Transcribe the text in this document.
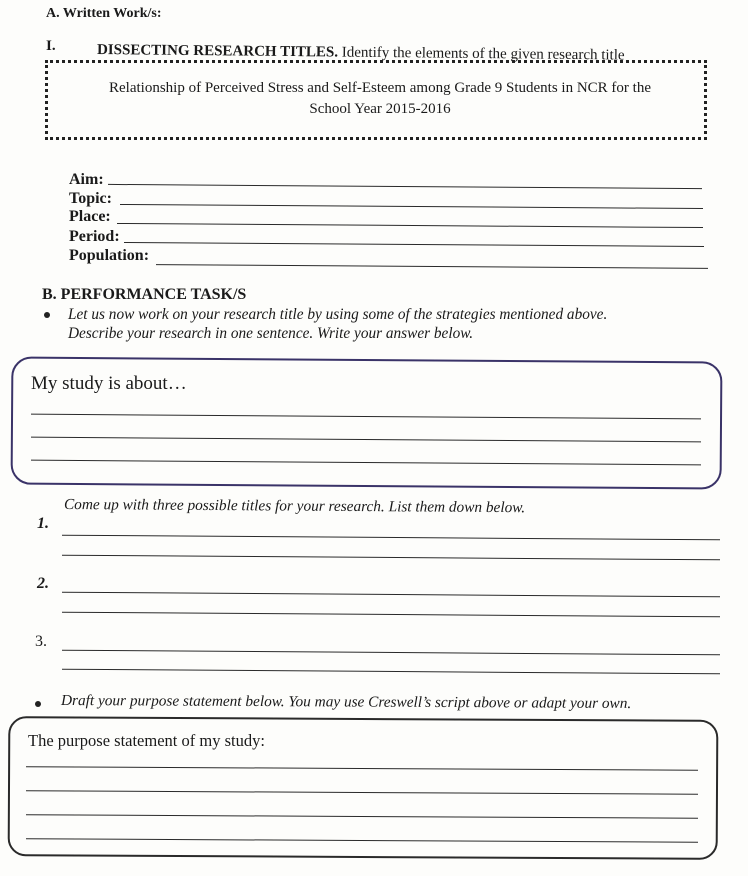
A. Written Work/s:
I.	DISSECTING RESEARCH TITLES. Identify the elements of the given research title
Relationship of Perceived Stress and Self-Esteem among Grade 9 Students in NCR for the
School Year 2015-2016
Aim:
Topic:
Place:
Period:
Population:
B. PERFORMANCE TASK/S
Let us now work on your research title by using some of the strategies mentioned above.
Describe your research in one sentence. Write your answer below.
My study is about…
Come up with three possible titles for your research. List them down below.
1.
2.
3.
Draft your purpose statement below. You may use Creswell’s script above or adapt your own.
The purpose statement of my study:
